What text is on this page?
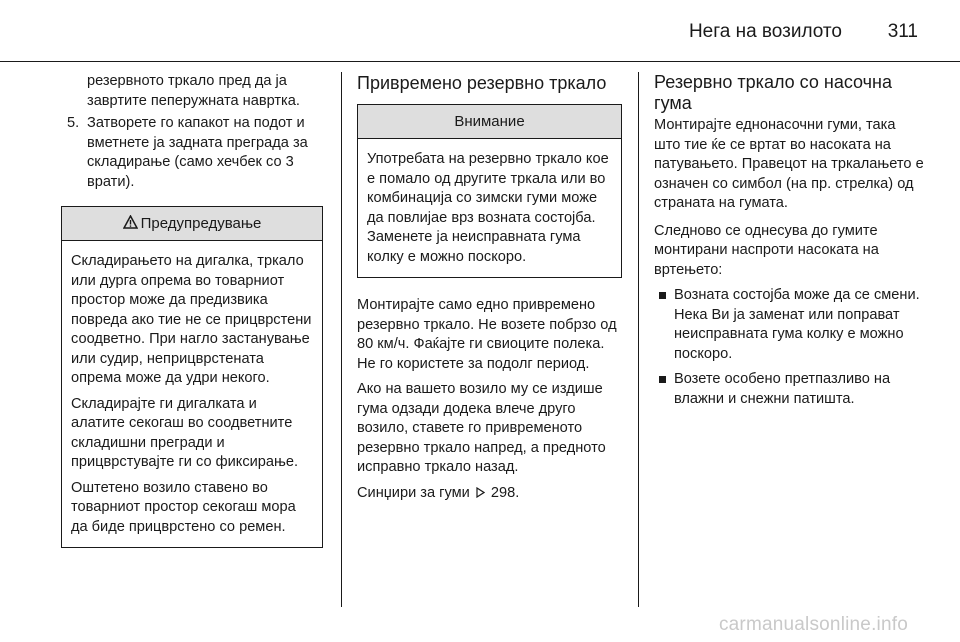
Нега на возилото 311

резервното тркало пред да ја завртите пеперужната навртка.

5. Затворете го капакот на подот и вметнете ја задната преграда за складирање (само хечбек со 3 врати).
Предупредување

Складирањето на дигалка, тркало или дурга опрема во товарниот простор може да предизвика повреда ако тие не се прицврстени соодветно. При нагло застанување или судир, неприцврстената опрема може да удри некого.

Складирајте ги дигалката и алатите секогаш во соодветните складишни прегради и прицврстувајте ги со фиксирање.

Оштетено возило ставено во товарниот простор секогаш мора да биде прицврстено со ремен.

Привремено резервно тркало
Внимание

Употребата на резервно тркало кое е помало од другите тркала или во комбинација со зимски гуми може да повлијае врз возната состојба. Заменете ја неисправната гума колку е можно поскоро.

Монтирајте само едно привремено резервно тркало. Не возете побрзо од 80 км/ч. Фаќајте ги свиоците полека. Не го користете за подолг период.

Ако на вашето возило му се издише гума одзади додека влече друго возило, ставете го привременото резервно тркало напред, а предното исправно тркало назад.

Синџири за гуми 298.

Резервно тркало со насочна гума

Монтирајте еднонасочни гуми, така што тие ќе се вртат во насоката на патувањето. Правецот на тркалањето е означен со симбол (на пр. стрелка) од страната на гумата.

Следново се однесува до гумите монтирани наспроти насоката на вртењето:

Возната состојба може да се смени. Нека Ви ја заменат или поправат неисправната гума колку е можно поскоро.
Возете особено претпазливо на влажни и снежни патишта.
carmanualsonline.info
